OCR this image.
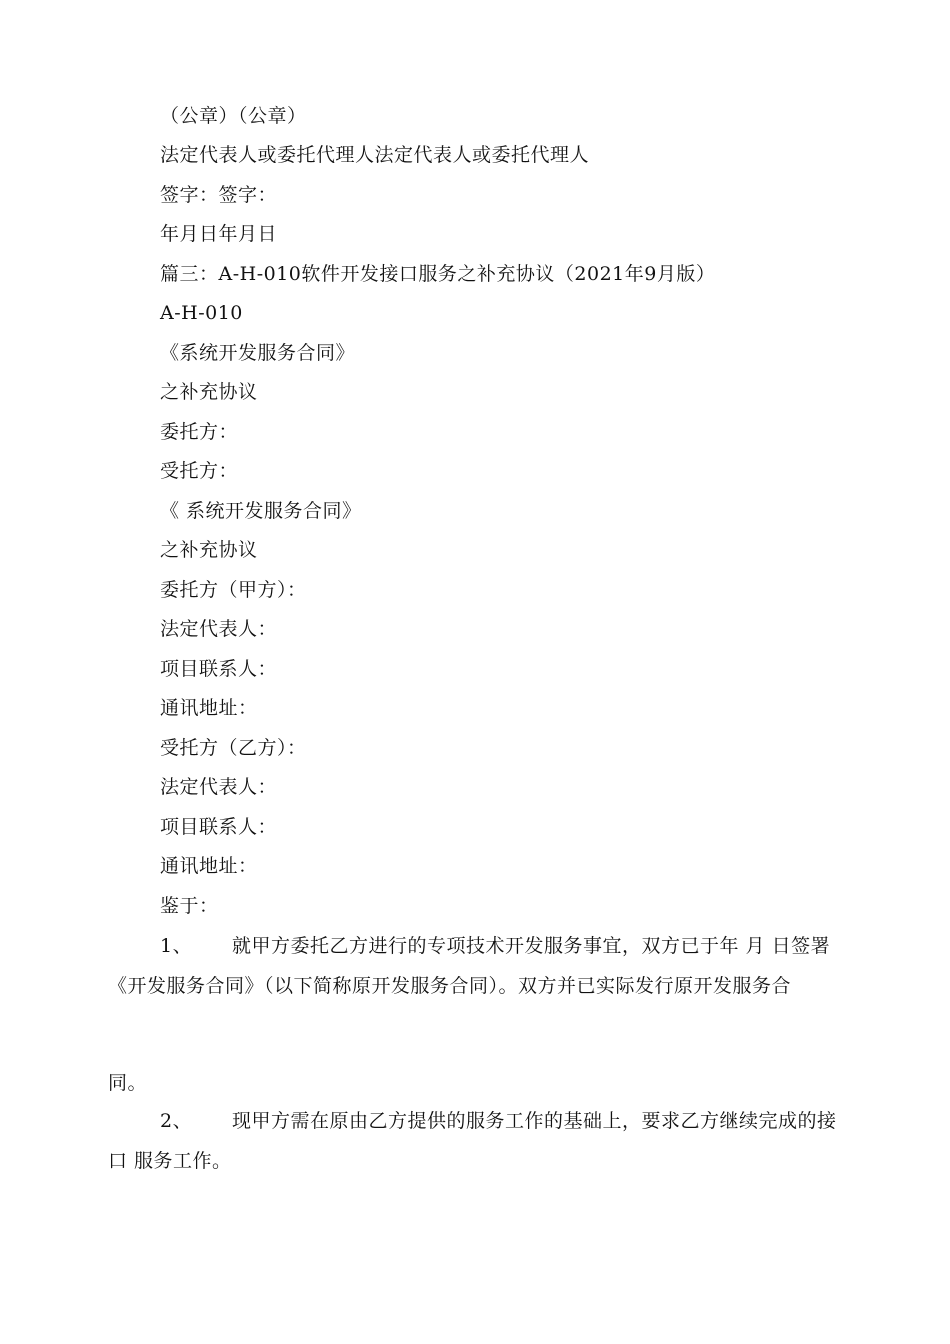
（公章）（公章）
法定代表人或委托代理人法定代表人或委托代理人
签字：签字：
年月日年月日
篇三：A-H-010软件开发接口服务之补充协议（2021年9月版）
A-H-010
《系统开发服务合同》
之补充协议
委托方：
受托方：
《 系统开发服务合同》
之补充协议
委托方（甲方）：
法定代表人：
项目联系人：
通讯地址：
受托方（乙方）：
法定代表人：
项目联系人：
通讯地址：
鉴于：
1、 就甲方委托乙方进行的专项技术开发服务事宜，双方已于年 月 日签署 《开发服务合同》（以下简称原开发服务合同）。双方并已实际发行原开发服务合
同。
2、 现甲方需在原由乙方提供的服务工作的基础上，要求乙方继续完成的接口 服务工作。
